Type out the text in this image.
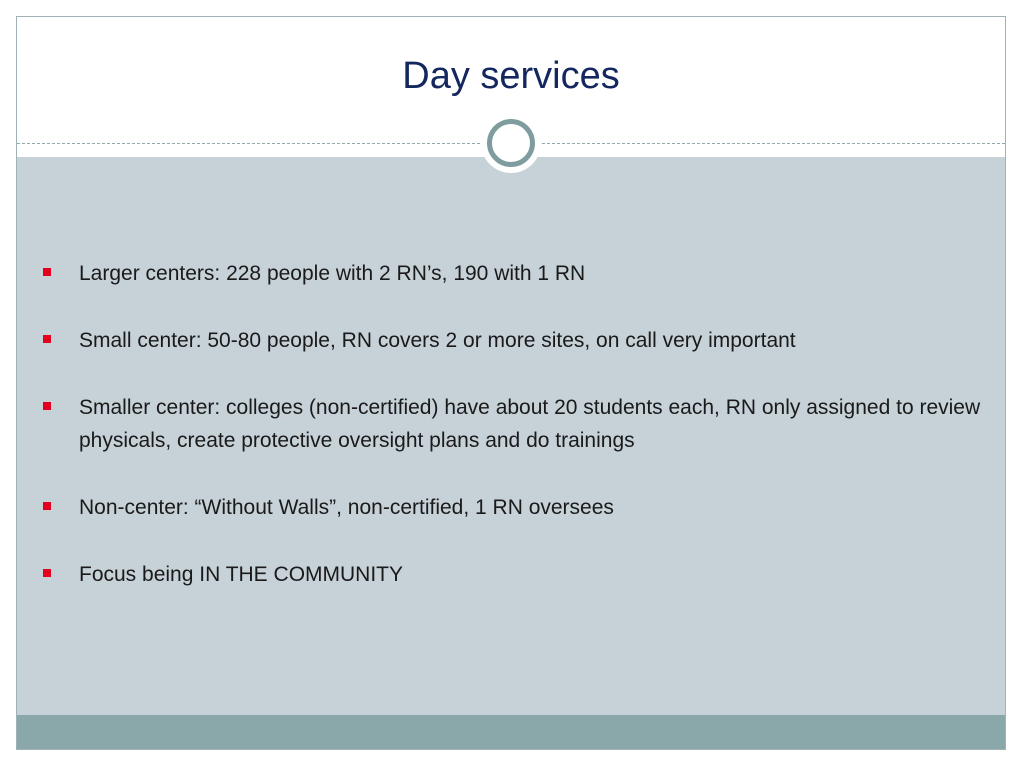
Day services
Larger centers: 228 people with 2 RN’s, 190 with 1 RN
Small center: 50-80 people, RN covers 2 or more sites, on call very important
Smaller center: colleges (non-certified) have about 20 students each, RN only assigned to review physicals, create protective oversight plans and do trainings
Non-center: “Without Walls”, non-certified, 1 RN oversees
Focus being IN THE COMMUNITY
